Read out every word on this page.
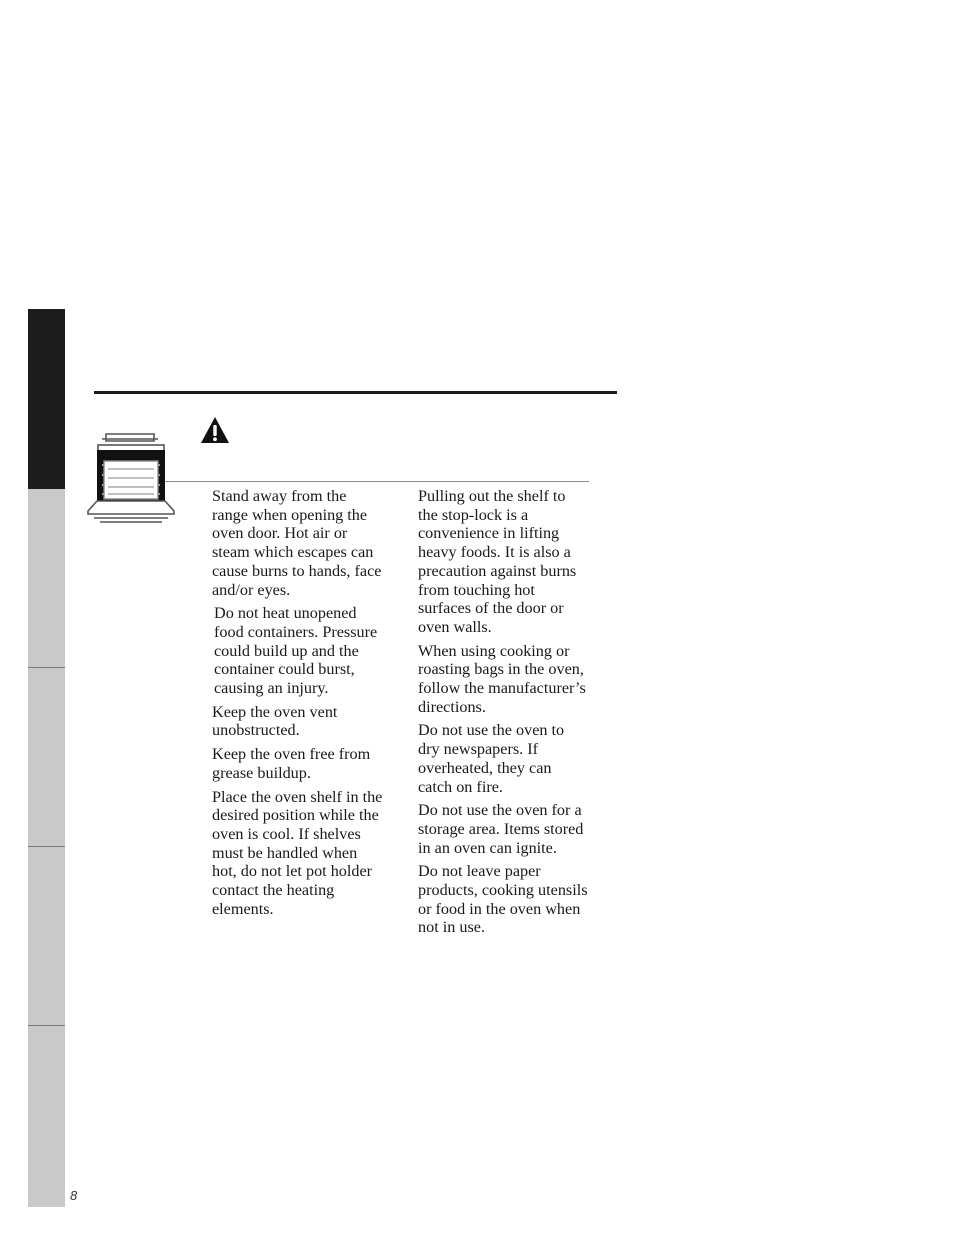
Stand away from the range when opening the oven door. Hot air or steam which escapes can cause burns to hands, face and/or eyes.

Do not heat unopened food containers. Pressure could build up and the container could burst, causing an injury.

Keep the oven vent unobstructed.

Keep the oven free from grease buildup.

Place the oven shelf in the desired position while the oven is cool. If shelves must be handled when hot, do not let pot holder contact the heating elements.

Pulling out the shelf to the stop-lock is a convenience in lifting heavy foods. It is also a precaution against burns from touching hot surfaces of the door or oven walls.

When using cooking or roasting bags in the oven, follow the manufacturer’s directions.

Do not use the oven to dry newspapers. If overheated, they can catch on fire.

Do not use the oven for a storage area. Items stored in an oven can ignite.

Do not leave paper products, cooking utensils or food in the oven when not in use.

8
